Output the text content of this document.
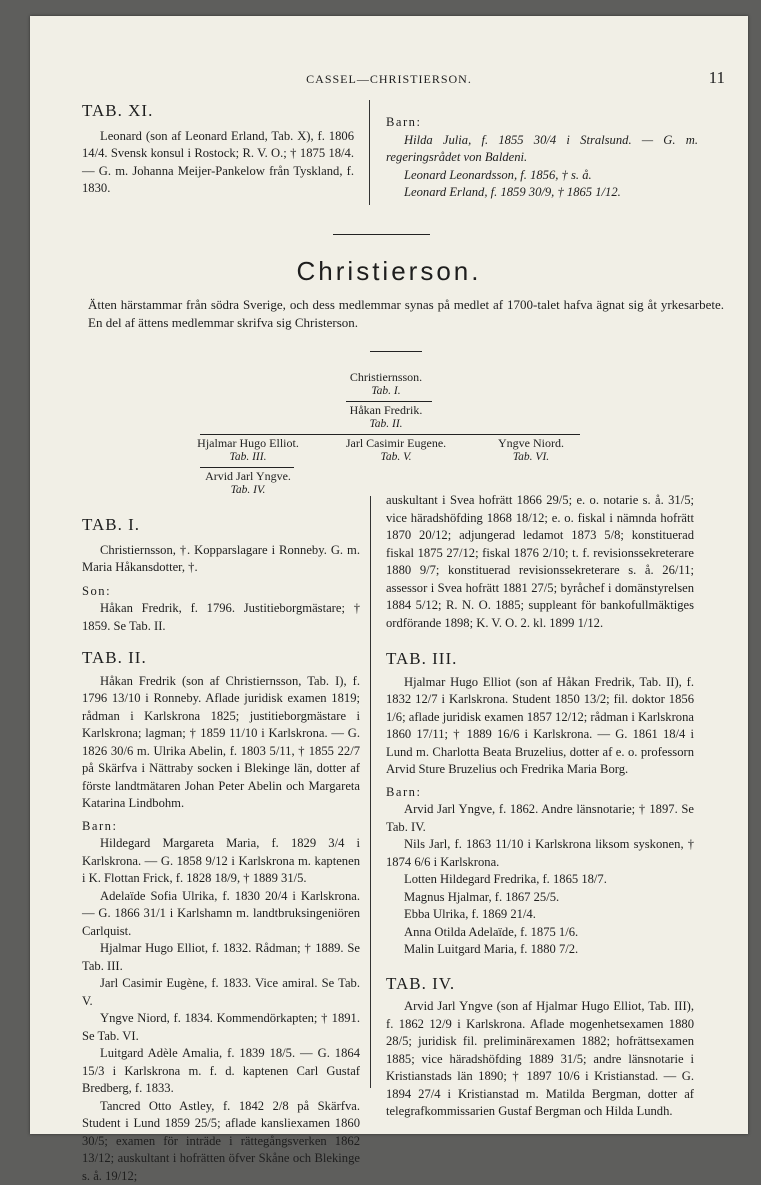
CASSEL—CHRISTIERSON.	11

TAB. XI.

Leonard (son af Leonard Erland, Tab. X), f. 1806 14/4. Svensk konsul i Rostock; R. V. O.; † 1875 18/4. — G. m. Johanna Meijer-Pankelow från Tyskland, f. 1830.

Barn:

Hilda Julia, f. 1855 30/4 i Stralsund. — G. m. regeringsrådet von Baldeni.

Leonard Leonardsson, f. 1856, † s. å.

Leonard Erland, f. 1859 30/9, † 1865 1/12.

Christierson.
Ätten härstammar från södra Sverige, och dess medlemmar synas på medlet af 1700-talet hafva ägnat sig åt yrkesarbete. En del af ättens medlemmar skrifva sig Christerson.
Christiernsson.
Tab. I.
Håkan Fredrik.
Tab. II.
Hjalmar Hugo Elliot.
Tab. III.
Jarl Casimir Eugene.
Tab. V.
Yngve Niord.
Tab. VI.
Arvid Jarl Yngve.
Tab. IV.

TAB. I.

Christiernsson, †. Kopparslagare i Ronneby. G. m. Maria Håkansdotter, †.

Son:

Håkan Fredrik, f. 1796. Justitieborgmästare; † 1859. Se Tab. II.

TAB. II.

Håkan Fredrik (son af Christiernsson, Tab. I), f. 1796 13/10 i Ronneby. Aflade juridisk examen 1819; rådman i Karlskrona 1825; justitieborgmästare i Karlskrona; lagman; † 1859 11/10 i Karlskrona. — G. 1826 30/6 m. Ulrika Abelin, f. 1803 5/11, † 1855 22/7 på Skärfva i Nättraby socken i Blekinge län, dotter af förste landtmätaren Johan Peter Abelin och Margareta Katarina Lindbohm.

Barn:

Hildegard Margareta Maria, f. 1829 3/4 i Karlskrona. — G. 1858 9/12 i Karlskrona m. kaptenen i K. Flottan Frick, f. 1828 18/9, † 1889 31/5.

Adelaïde Sofia Ulrika, f. 1830 20/4 i Karlskrona. — G. 1866 31/1 i Karlshamn m. landtbruksingeniören Carlquist.

Hjalmar Hugo Elliot, f. 1832. Rådman; † 1889. Se Tab. III.

Jarl Casimir Eugène, f. 1833. Vice amiral. Se Tab. V.

Yngve Niord, f. 1834. Kommendörkapten; † 1891. Se Tab. VI.

Luitgard Adèle Amalia, f. 1839 18/5. — G. 1864 15/3 i Karlskrona m. f. d. kaptenen Carl Gustaf Bredberg, f. 1833.

Tancred Otto Astley, f. 1842 2/8 på Skärfva. Student i Lund 1859 25/5; aflade kansliexamen 1860 30/5; examen för inträde i rättegångsverken 1862 13/12; auskultant i hofrätten öfver Skåne och Blekinge s. å. 19/12;

auskultant i Svea hofrätt 1866 29/5; e. o. notarie s. å. 31/5; vice häradshöfding 1868 18/12; e. o. fiskal i nämnda hofrätt 1870 20/12; adjungerad ledamot 1873 5/8; konstituerad fiskal 1875 27/12; fiskal 1876 2/10; t. f. revisionssekreterare 1880 9/7; konstituerad revisionssekreterare s. å. 26/11; assessor i Svea hofrätt 1881 27/5; byråchef i domänstyrelsen 1884 5/12; R. N. O. 1885; suppleant för bankofullmäktiges ordförande 1898; K. V. O. 2. kl. 1899 1/12.

TAB. III.

Hjalmar Hugo Elliot (son af Håkan Fredrik, Tab. II), f. 1832 12/7 i Karlskrona. Student 1850 13/2; fil. doktor 1856 1/6; aflade juridisk examen 1857 12/12; rådman i Karlskrona 1860 17/11; † 1889 16/6 i Karlskrona. — G. 1861 18/4 i Lund m. Charlotta Beata Bruzelius, dotter af e. o. professorn Arvid Sture Bruzelius och Fredrika Maria Borg.

Barn:

Arvid Jarl Yngve, f. 1862. Andre länsnotarie; † 1897. Se Tab. IV.

Nils Jarl, f. 1863 11/10 i Karlskrona liksom syskonen, † 1874 6/6 i Karlskrona.

Lotten Hildegard Fredrika, f. 1865 18/7.

Magnus Hjalmar, f. 1867 25/5.

Ebba Ulrika, f. 1869 21/4.

Anna Otilda Adelaïde, f. 1875 1/6.

Malin Luitgard Maria, f. 1880 7/2.

TAB. IV.

Arvid Jarl Yngve (son af Hjalmar Hugo Elliot, Tab. III), f. 1862 12/9 i Karlskrona. Aflade mogenhetsexamen 1880 28/5; juridisk fil. preliminärexamen 1882; hofrättsexamen 1885; vice häradshöfding 1889 31/5; andre länsnotarie i Kristianstads län 1890; † 1897 10/6 i Kristianstad. — G. 1894 27/4 i Kristianstad m. Matilda Bergman, dotter af telegrafkommissarien Gustaf Bergman och Hilda Lundh.
